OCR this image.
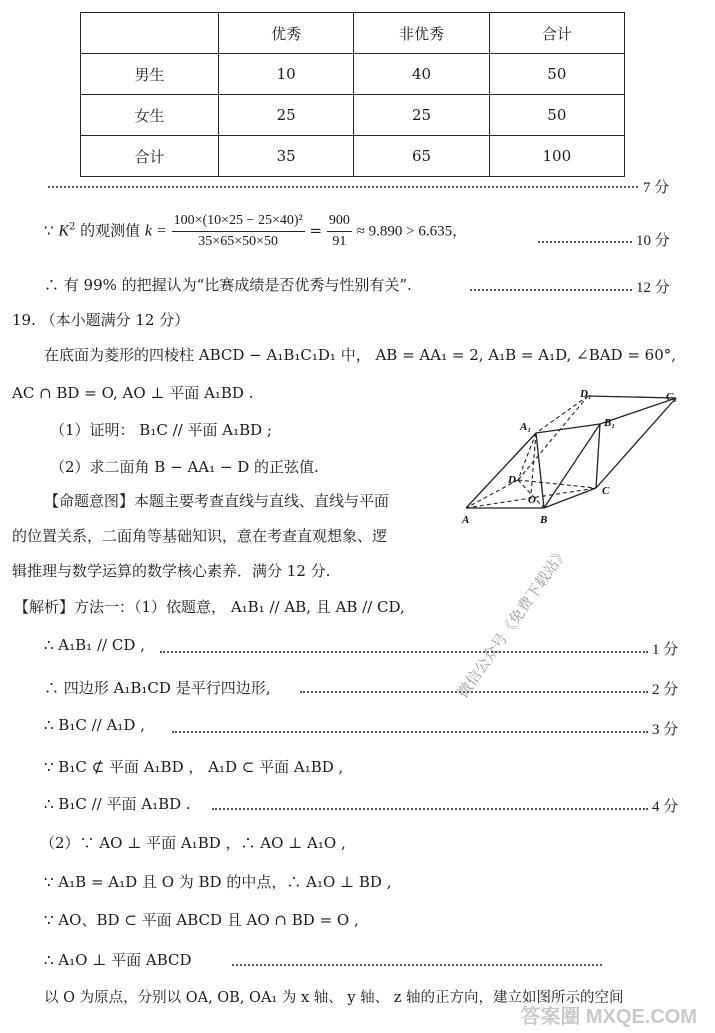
	优秀	非优秀	合计
男生	10	40	50
女生	25	25	50
合计	35	65	100
7 分
∵ $K^2$ 的观测值 $k = \frac{\text{100×(10×25 − 25×40)²}}{35\times 65\times 50\times 50} = \frac{900}{91} \approx 9.890 > 6.635$，
10 分
∴ 有 99% 的把握认为“比赛成绩是否优秀与性别有关”.	12 分
19. （本小题满分 12 分）
在底面为菱形的四棱柱 ABCD − A₁B₁C₁D₁ 中， AB = AA₁ = 2, A₁B = A₁D, ∠BAD = 60°,
AC ∩ BD = O, AO ⊥ 平面 A₁BD .
（1）证明： B₁C // 平面 A₁BD ;
（2）求二面角 B − AA₁ − D 的正弦值.
【命题意图】本题主要考查直线与直线、直线与平面
的位置关系，二面角等基础知识，意在考查直观想象、逻
辑推理与数学运算的数学核心素养．满分 12 分.
D₁	C₁
A₁	B₁
D
O
C
A	B
微信公众号《免费下载站》
【解析】方法一：（1）依题意， A₁B₁ // AB, 且 AB // CD,
∴ A₁B₁ // CD ,	1 分
∴ 四边形 A₁B₁CD 是平行四边形,	2 分
∴ B₁C // A₁D ,	3 分
∵ B₁C ⊄ 平面 A₁BD ， A₁D ⊂ 平面 A₁BD ,
∴ B₁C // 平面 A₁BD .	4 分
（2）∵ AO ⊥ 平面 A₁BD ，∴ AO ⊥ A₁O ,
∵ A₁B = A₁D 且 O 为 BD 的中点，∴ A₁O ⊥ BD ,
∵ AO、BD ⊂ 平面 ABCD 且 AO ∩ BD = O ,
∴ A₁O ⊥ 平面 ABCD
以 O 为原点，分别以 OA, OB, OA₁ 为 x 轴、 y 轴、 z 轴的正方向，建立如图所示的空间
答案圈 MXQE.COM
